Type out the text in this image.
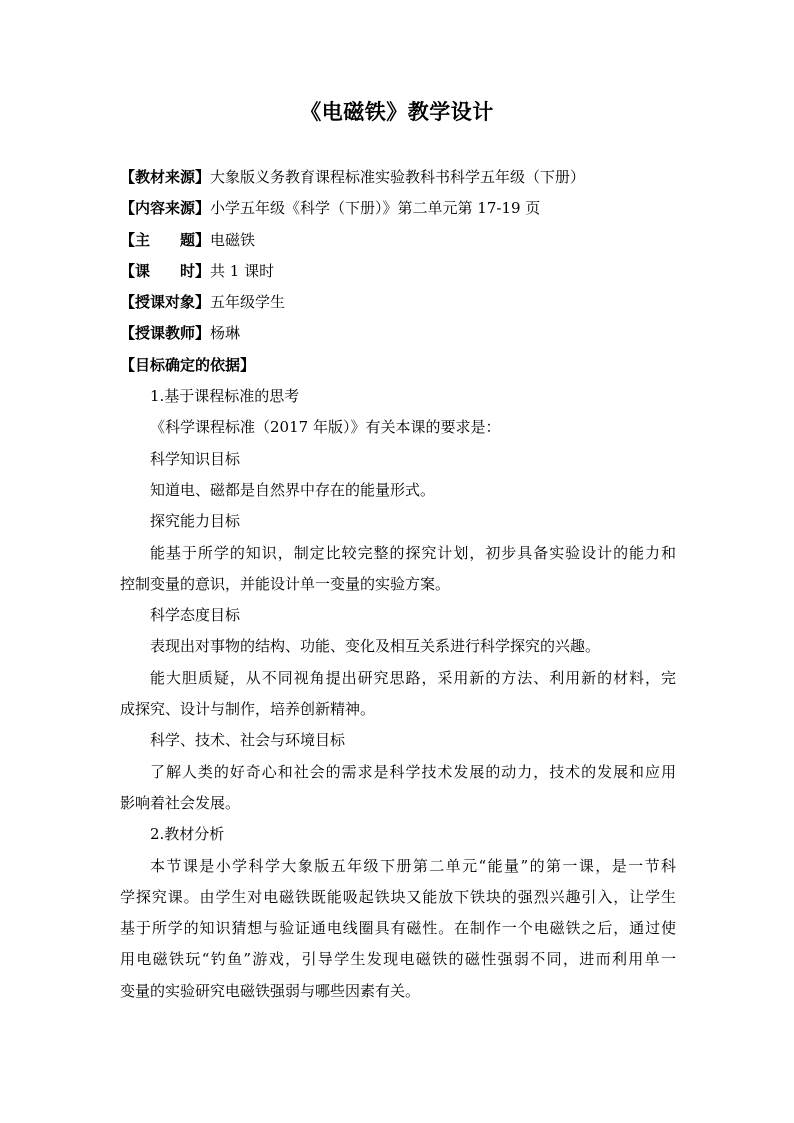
《电磁铁》教学设计
【教材来源】大象版义务教育课程标准实验教科书科学五年级（下册）
【内容来源】小学五年级《科学（下册）》第二单元第 17-19 页
【主 题】电磁铁
【课 时】共 1 课时
【授课对象】五年级学生
【授课教师】杨琳
【目标确定的依据】
1.基于课程标准的思考
《科学课程标准（2017 年版）》有关本课的要求是：
科学知识目标
知道电、磁都是自然界中存在的能量形式。
探究能力目标
能基于所学的知识，制定比较完整的探究计划，初步具备实验设计的能力和
控制变量的意识，并能设计单一变量的实验方案。
科学态度目标
表现出对事物的结构、功能、变化及相互关系进行科学探究的兴趣。
能大胆质疑，从不同视角提出研究思路，采用新的方法、利用新的材料，完
成探究、设计与制作，培养创新精神。
科学、技术、社会与环境目标
了解人类的好奇心和社会的需求是科学技术发展的动力，技术的发展和应用
影响着社会发展。
2.教材分析
本节课是小学科学大象版五年级下册第二单元“能量”的第一课，是一节科
学探究课。由学生对电磁铁既能吸起铁块又能放下铁块的强烈兴趣引入，让学生
基于所学的知识猜想与验证通电线圈具有磁性。在制作一个电磁铁之后，通过使
用电磁铁玩“钓鱼”游戏，引导学生发现电磁铁的磁性强弱不同，进而利用单一
变量的实验研究电磁铁强弱与哪些因素有关。
